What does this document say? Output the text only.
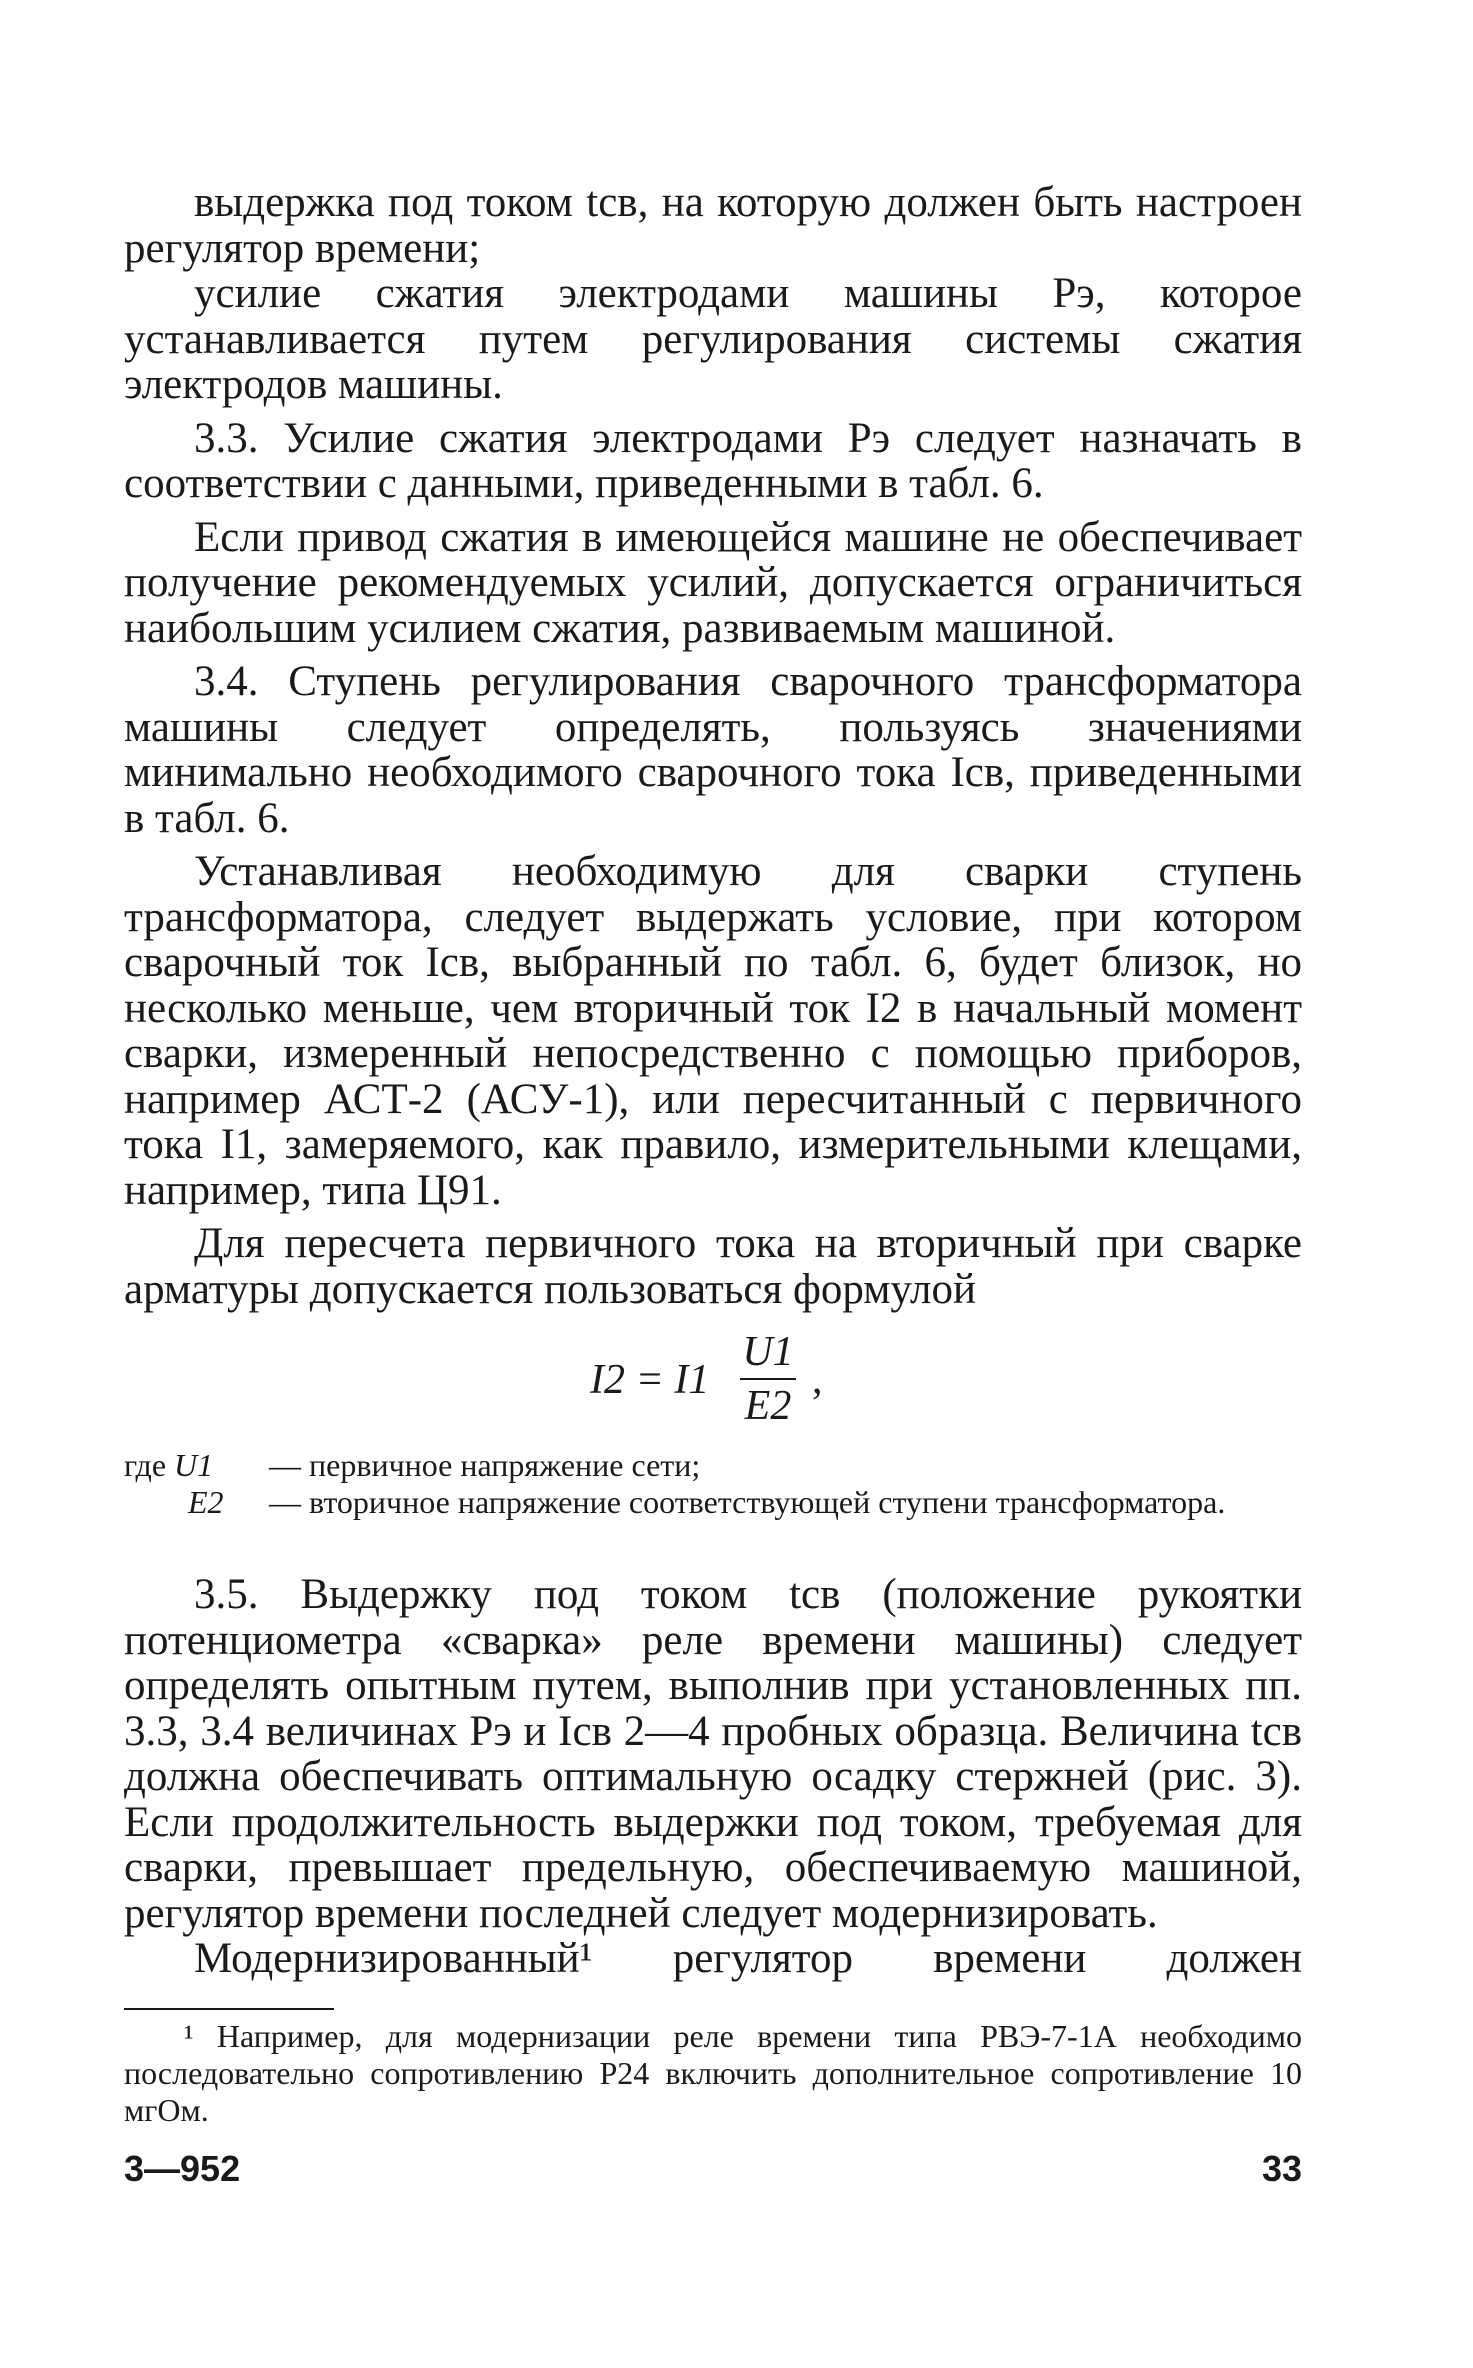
выдержка под током tсв, на которую должен быть настроен регулятор времени;

усилие сжатия электродами машины Pэ, которое устанавливается путем регулирования системы сжатия электродов машины.

3.3. Усилие сжатия электродами Pэ следует назначать в соответствии с данными, приведенными в табл. 6.

Если привод сжатия в имеющейся машине не обеспечивает получение рекомендуемых усилий, допускается ограничиться наибольшим усилием сжатия, развиваемым машиной.

3.4. Ступень регулирования сварочного трансформатора машины следует определять, пользуясь значениями минимально необходимого сварочного тока Iсв, приведенными в табл. 6.

Устанавливая необходимую для сварки ступень трансформатора, следует выдержать условие, при котором сварочный ток Iсв, выбранный по табл. 6, будет близок, но несколько меньше, чем вторичный ток I2 в начальный момент сварки, измеренный непосредственно с помощью приборов, например АСТ-2 (АСУ-1), или пересчитанный с первичного тока I1, замеряемого, как правило, измерительными клещами, например, типа Ц91.

Для пересчета первичного тока на вторичный при сварке арматуры допускается пользоваться формулой

$I2 = I1 \frac{U1}{E2}$ ,
где U1	— первичное напряжение сети;
E2 — вторичное напряжение соответствующей ступени трансформатора.

3.5. Выдержку под током tсв (положение рукоятки потенциометра «сварка» реле времени машины) следует определять опытным путем, выполнив при установленных пп. 3.3, 3.4 величинах Pэ и Iсв 2—4 пробных образца. Величина tсв должна обеспечивать оптимальную осадку стержней (рис. 3). Если продолжительность выдержки под током, требуемая для сварки, превышает предельную, обеспечиваемую машиной, регулятор времени последней следует модернизировать.

Модернизированный¹ регулятор времени должен

¹ Например, для модернизации реле времени типа РВЭ-7-1А необходимо последовательно сопротивлению Р24 включить дополнительное сопротивление 10 мгОм.
3—952	33
